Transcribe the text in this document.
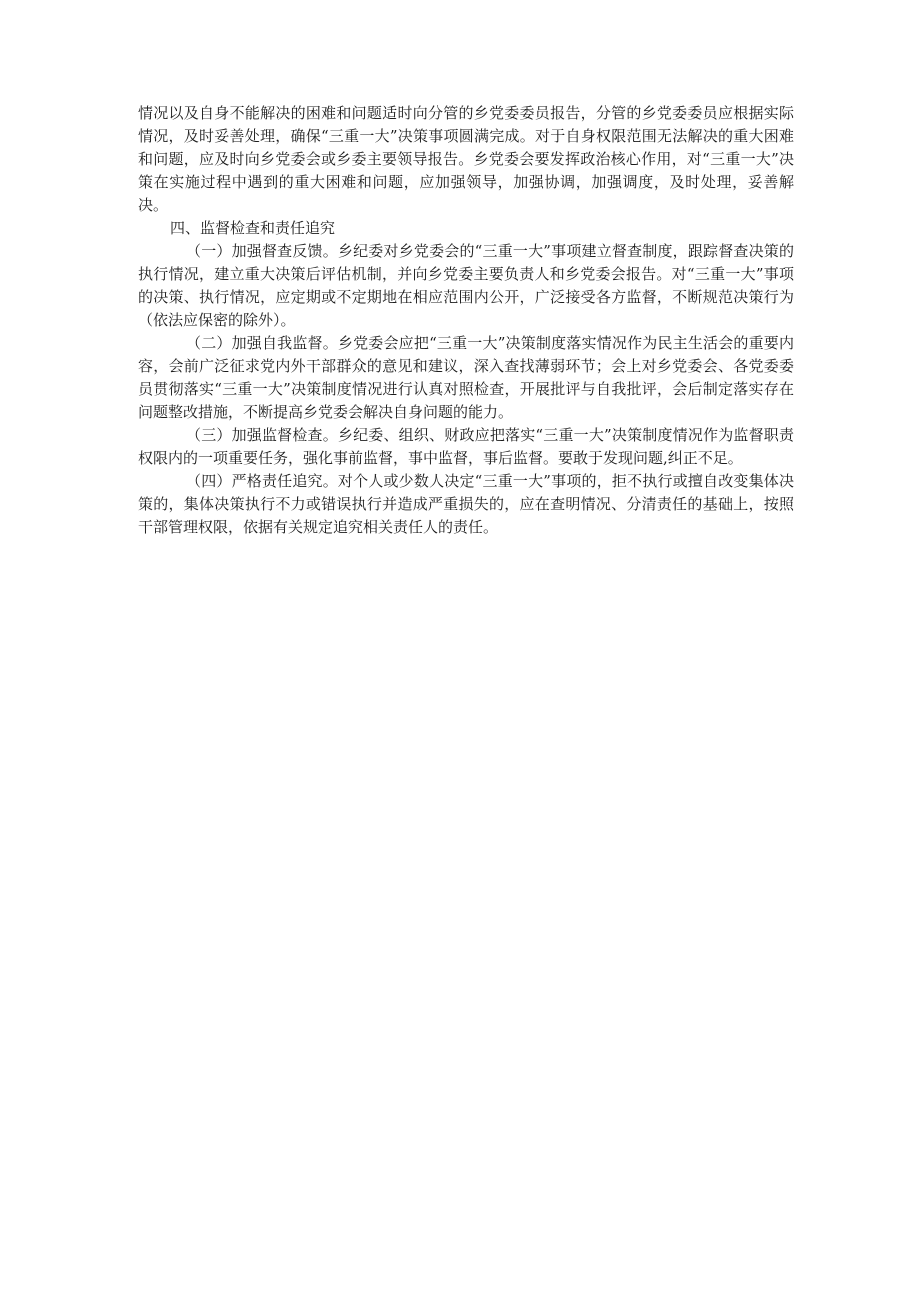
情况以及自身不能解决的困难和问题适时向分管的乡党委委员报告，分管的乡党委委员应根据实际情况，及时妥善处理，确保“三重一大”决策事项圆满完成。对于自身权限范围无法解决的重大困难和问题，应及时向乡党委会或乡委主要领导报告。乡党委会要发挥政治核心作用，对“三重一大”决策在实施过程中遇到的重大困难和问题，应加强领导，加强协调，加强调度，及时处理，妥善解决。

四、监督检查和责任追究

（一）加强督查反馈。乡纪委对乡党委会的“三重一大”事项建立督查制度，跟踪督查决策的执行情况，建立重大决策后评估机制，并向乡党委主要负责人和乡党委会报告。对“三重一大”事项的决策、执行情况，应定期或不定期地在相应范围内公开，广泛接受各方监督，不断规范决策行为（依法应保密的除外）。

（二）加强自我监督。乡党委会应把“三重一大”决策制度落实情况作为民主生活会的重要内容，会前广泛征求党内外干部群众的意见和建议，深入查找薄弱环节；会上对乡党委会、各党委委员贯彻落实“三重一大”决策制度情况进行认真对照检查，开展批评与自我批评，会后制定落实存在问题整改措施，不断提高乡党委会解决自身问题的能力。

（三）加强监督检查。乡纪委、组织、财政应把落实“三重一大”决策制度情况作为监督职责权限内的一项重要任务，强化事前监督，事中监督，事后监督。要敢于发现问题,纠正不足。

（四）严格责任追究。对个人或少数人决定“三重一大”事项的，拒不执行或擅自改变集体决策的，集体决策执行不力或错误执行并造成严重损失的，应在查明情况、分清责任的基础上，按照干部管理权限，依据有关规定追究相关责任人的责任。
